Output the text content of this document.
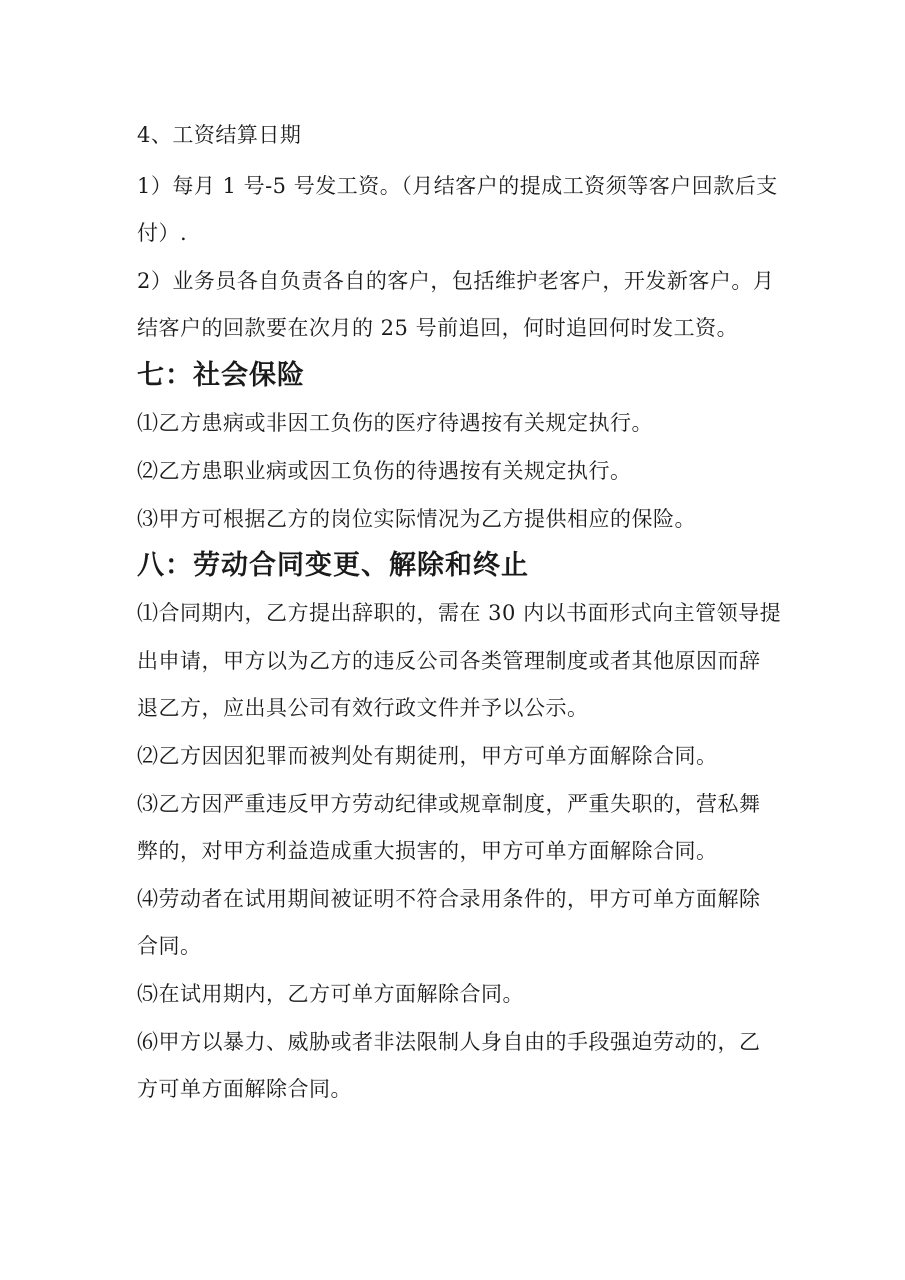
4、工资结算日期
1）每月 1 号-5 号发工资。（月结客户的提成工资须等客户回款后支
付）.
2）业务员各自负责各自的客户，包括维护老客户，开发新客户。月
结客户的回款要在次月的 25 号前追回，何时追回何时发工资。
七：社会保险
⑴乙方患病或非因工负伤的医疗待遇按有关规定执行。
⑵乙方患职业病或因工负伤的待遇按有关规定执行。
⑶甲方可根据乙方的岗位实际情况为乙方提供相应的保险。
八：劳动合同变更、解除和终止
⑴合同期内，乙方提出辞职的，需在 30 内以书面形式向主管领导提
出申请，甲方以为乙方的违反公司各类管理制度或者其他原因而辞
退乙方，应出具公司有效行政文件并予以公示。
⑵乙方因因犯罪而被判处有期徒刑，甲方可单方面解除合同。
⑶乙方因严重违反甲方劳动纪律或规章制度，严重失职的，营私舞
弊的，对甲方利益造成重大损害的，甲方可单方面解除合同。
⑷劳动者在试用期间被证明不符合录用条件的，甲方可单方面解除
合同。
⑸在试用期内，乙方可单方面解除合同。
⑹甲方以暴力、威胁或者非法限制人身自由的手段强迫劳动的，乙
方可单方面解除合同。
